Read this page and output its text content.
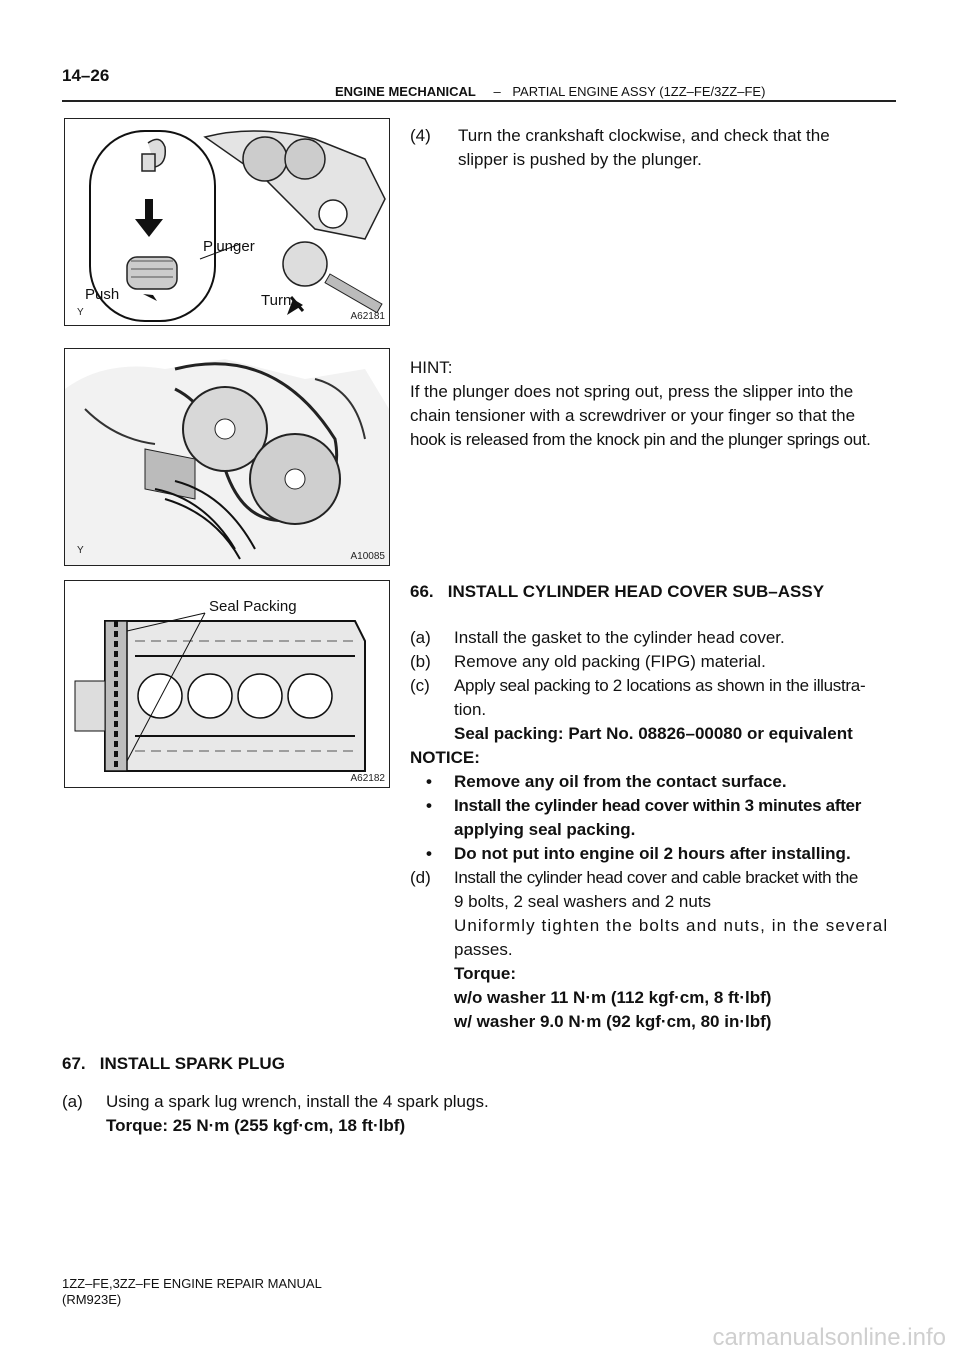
14–26
ENGINE MECHANICAL – PARTIAL ENGINE ASSY (1ZZ–FE/3ZZ–FE)
Plunger
Push	Turn
Y	A62181
(4) Turn the crankshaft clockwise, and check that the
slipper is pushed by the plunger.
Y
A10085
HINT:
If the plunger does not spring out, press the slipper into the
chain tensioner with a screwdriver or your finger so that the
hook is released from the knock pin and the plunger springs out.
Seal Packing
A62182
66.   INSTALL CYLINDER HEAD COVER SUB–ASSY
(a) Install the gasket to the cylinder head cover.
(b) Remove any old packing (FIPG) material.
(c) Apply seal packing to 2 locations as shown in the illustra-
tion.
Seal packing: Part No. 08826–00080 or equivalent
NOTICE:
• Remove any oil from the contact surface.
• Install the cylinder head cover within 3 minutes after
applying seal packing.
• Do not put into engine oil 2 hours after installing.
(d) Install the cylinder head cover and cable bracket with the
9 bolts, 2 seal washers and 2 nuts
Uniformly tighten the bolts and nuts, in the several
passes.
Torque:
w/o washer 11 N·m (112 kgf·cm, 8 ft·lbf)
w/ washer 9.0 N·m (92 kgf·cm, 80 in·lbf)
67.   INSTALL SPARK PLUG
(a) Using a spark lug wrench, install the 4 spark plugs.
Torque: 25 N·m (255 kgf·cm, 18 ft·lbf)
1ZZ–FE,3ZZ–FE ENGINE REPAIR MANUAL
(RM923E)
carmanualsonline.info
